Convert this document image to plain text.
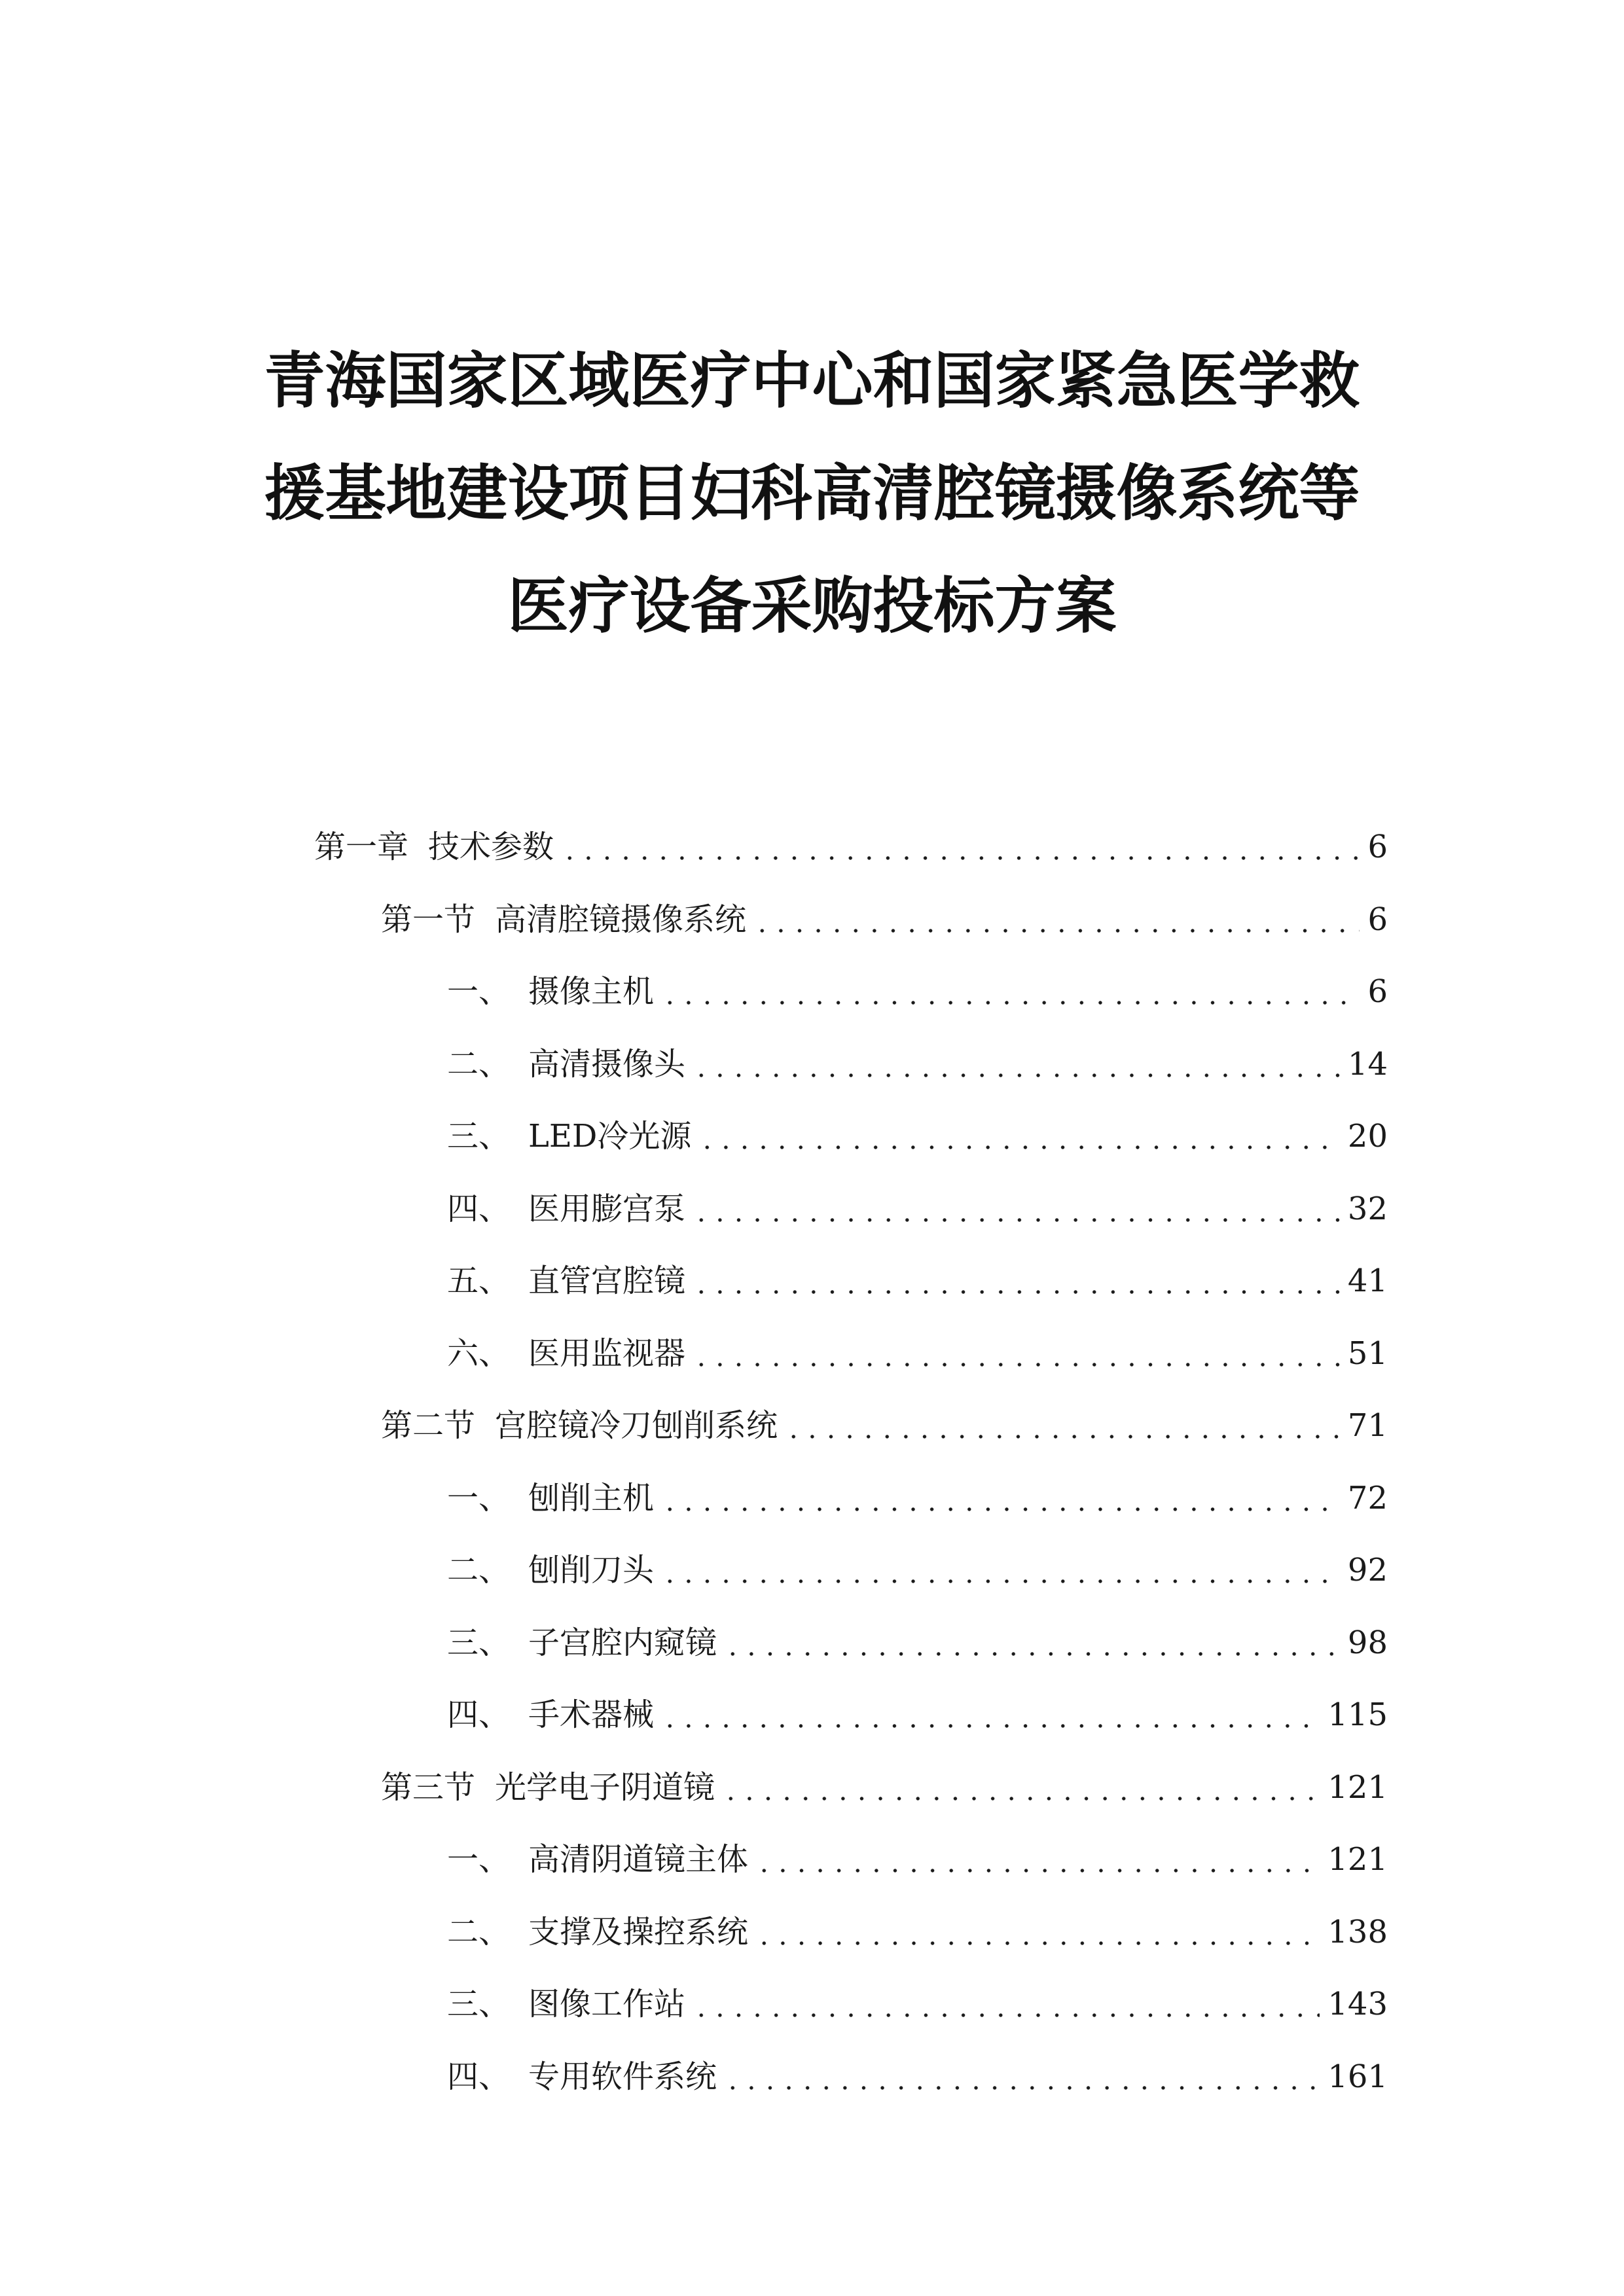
青海国家区域医疗中心和国家紧急医学救
援基地建设项目妇科高清腔镜摄像系统等
医疗设备采购投标方案
第一章 技术参数	6
第一节 高清腔镜摄像系统	6
一、 摄像主机	6
二、 高清摄像头	14
三、 LED冷光源	20
四、 医用膨宫泵	32
五、 直管宫腔镜	41
六、 医用监视器	51
第二节 宫腔镜冷刀刨削系统	71
一、 刨削主机	72
二、 刨削刀头	92
三、 子宫腔内窥镜	98
四、 手术器械	115
第三节 光学电子阴道镜	121
一、 高清阴道镜主体	121
二、 支撑及操控系统	138
三、 图像工作站	143
四、 专用软件系统	161
